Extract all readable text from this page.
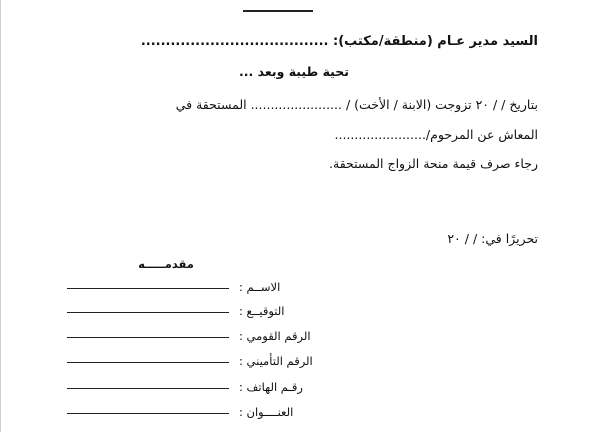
السيد مدير عـام (منطقة/مكتب): ......................................
تحية طيبة وبعد ...
بتاريخ / / ٢٠ تزوجت (الابنة / الأخت) / ....................... المستحقة في
المعاش عن المرحوم/.......................
رجاء صرف قيمة منحة الزواج المستحقة.
تحريرًا في: / / ٢٠
مقدمـــــه
الاســم :
التوقيــع :
الرقم القومي :
الرقم التأميني :
رقـم الهاتف :
العنــــوان :
